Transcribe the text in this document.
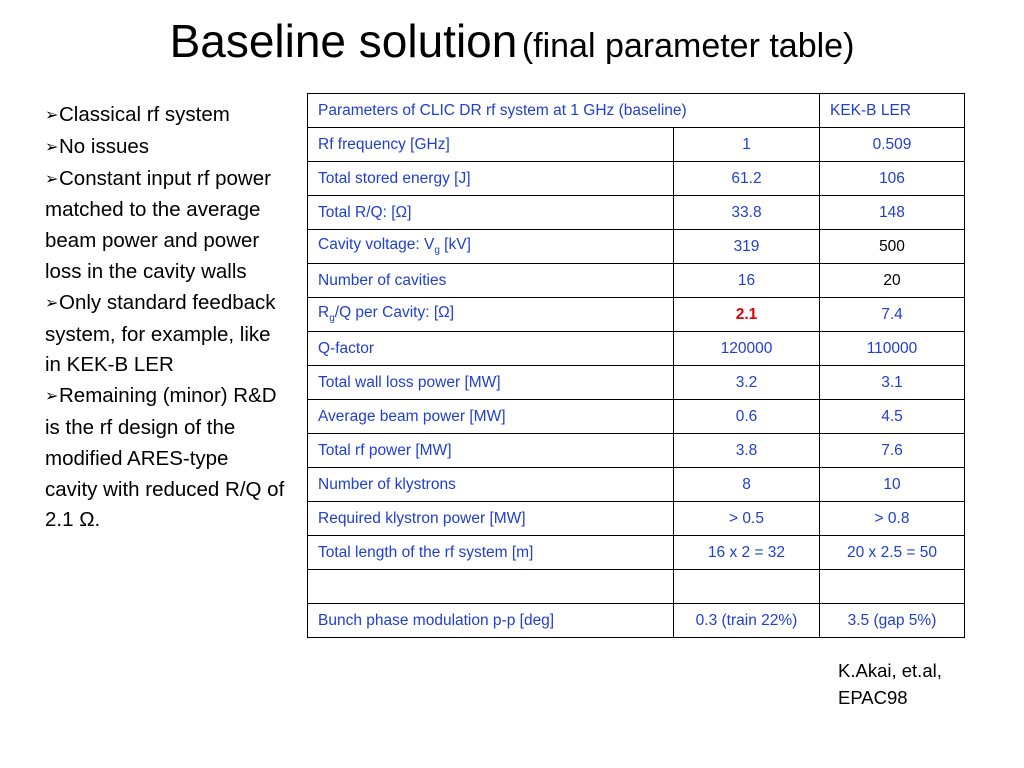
Baseline solution (final parameter table)

➢Classical rf system

➢No issues

➢Constant input rf power matched to the average beam power and power loss in the cavity walls

➢Only standard feedback system, for example, like in KEK-B LER

➢Remaining (minor) R&D is the rf design of the modified ARES-type cavity with reduced R/Q of 2.1 Ω.

Parameters of CLIC DR rf system at 1 GHz (baseline)		KEK-B LER
Rf frequency [GHz]	1	0.509
Total stored energy [J]	61.2	106
Total R/Q: [Ω]	33.8	148
Cavity voltage: $V_g$ [kV]	319	500
Number of cavities	16	20
$R_g/Q$ per Cavity: [Ω]	2.1	7.4
Q-factor	120000	110000
Total wall loss power [MW]	3.2	3.1
Average beam power [MW]	0.6	4.5
Total rf power [MW]	3.8	7.6
Number of klystrons	8	10
Required klystron power [MW]	> 0.5	> 0.8
Total length of the rf system [m]	16 x 2 = 32	20 x 2.5 = 50

Bunch phase modulation p-p [deg]	0.3 (train 22%)	3.5 (gap 5%)
K.Akai, et.al,
EPAC98
